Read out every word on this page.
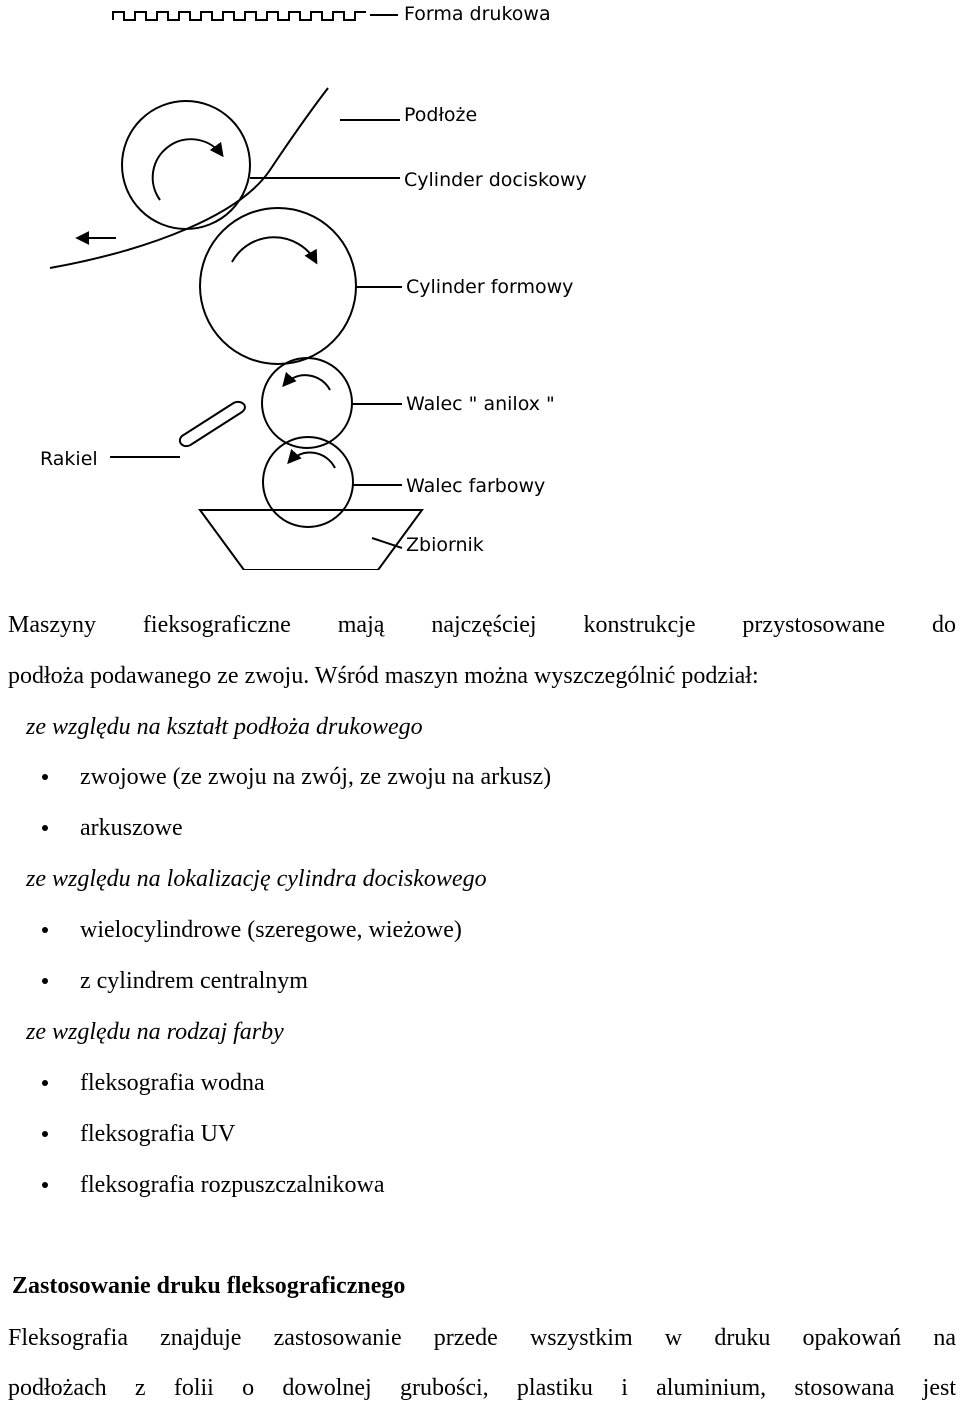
Forma drukowa
Podłoże
Cylinder dociskowy
Cylinder formowy
Walec " anilox "
Rakiel
Walec farbowy
Zbiornik
Maszyny fieksograficzne mają najczęściej konstrukcje przystosowane do
podłoża podawanego ze zwoju. Wśród maszyn można wyszczególnić podział:
ze względu na kształt podłoża drukowego
zwojowe (ze zwoju na zwój, ze zwoju na arkusz)
arkuszowe
ze względu na lokalizację cylindra dociskowego
wielocylindrowe (szeregowe, wieżowe)
z cylindrem centralnym
ze względu na rodzaj farby
fleksografia wodna
fleksografia UV
fleksografia rozpuszczalnikowa
Zastosowanie druku fleksograficznego
Fleksografia znajduje zastosowanie przede wszystkim w druku opakowań na
podłożach z folii o dowolnej grubości, plastiku i aluminium, stosowana jest
